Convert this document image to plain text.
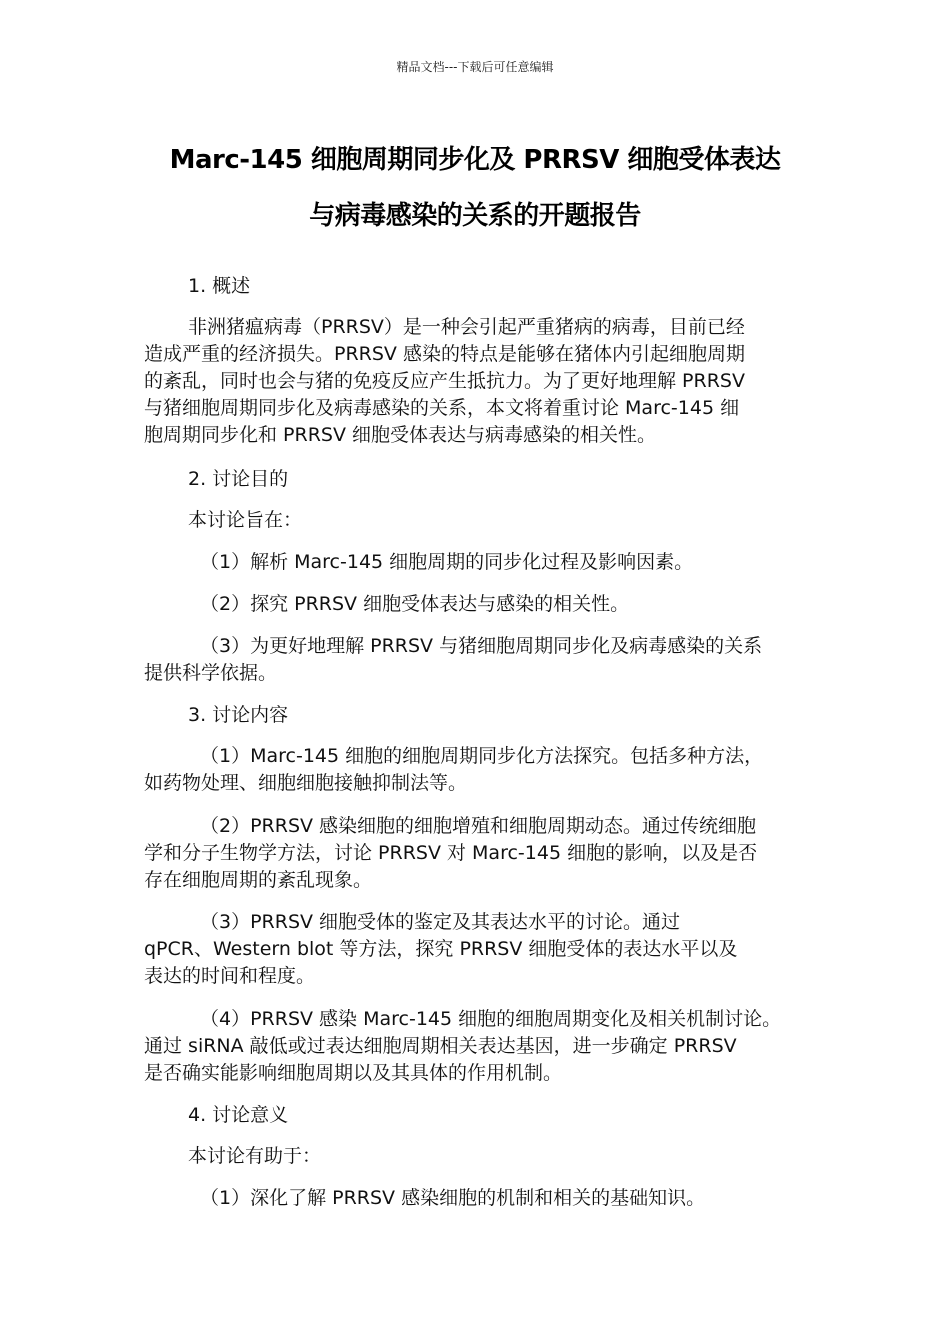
精品文档---下载后可任意编辑
Marc-145 细胞周期同步化及 PRRSV 细胞受体表达
与病毒感染的关系的开题报告
1. 概述
非洲猪瘟病毒（PRRSV）是一种会引起严重猪病的病毒，目前已经
造成严重的经济损失。PRRSV 感染的特点是能够在猪体内引起细胞周期
的紊乱，同时也会与猪的免疫反应产生抵抗力。为了更好地理解 PRRSV
与猪细胞周期同步化及病毒感染的关系，本文将着重讨论 Marc-145 细
胞周期同步化和 PRRSV 细胞受体表达与病毒感染的相关性。
2. 讨论目的
本讨论旨在：
（1）解析 Marc-145 细胞周期的同步化过程及影响因素。
（2）探究 PRRSV 细胞受体表达与感染的相关性。
（3）为更好地理解 PRRSV 与猪细胞周期同步化及病毒感染的关系
提供科学依据。
3. 讨论内容
（1）Marc-145 细胞的细胞周期同步化方法探究。包括多种方法，
如药物处理、细胞细胞接触抑制法等。
（2）PRRSV 感染细胞的细胞增殖和细胞周期动态。通过传统细胞
学和分子生物学方法，讨论 PRRSV 对 Marc-145 细胞的影响，以及是否
存在细胞周期的紊乱现象。
（3）PRRSV 细胞受体的鉴定及其表达水平的讨论。通过
qPCR、Western blot 等方法，探究 PRRSV 细胞受体的表达水平以及
表达的时间和程度。
（4）PRRSV 感染 Marc-145 细胞的细胞周期变化及相关机制讨论。
通过 siRNA 敲低或过表达细胞周期相关表达基因，进一步确定 PRRSV
是否确实能影响细胞周期以及其具体的作用机制。
4. 讨论意义
本讨论有助于：
（1）深化了解 PRRSV 感染细胞的机制和相关的基础知识。
